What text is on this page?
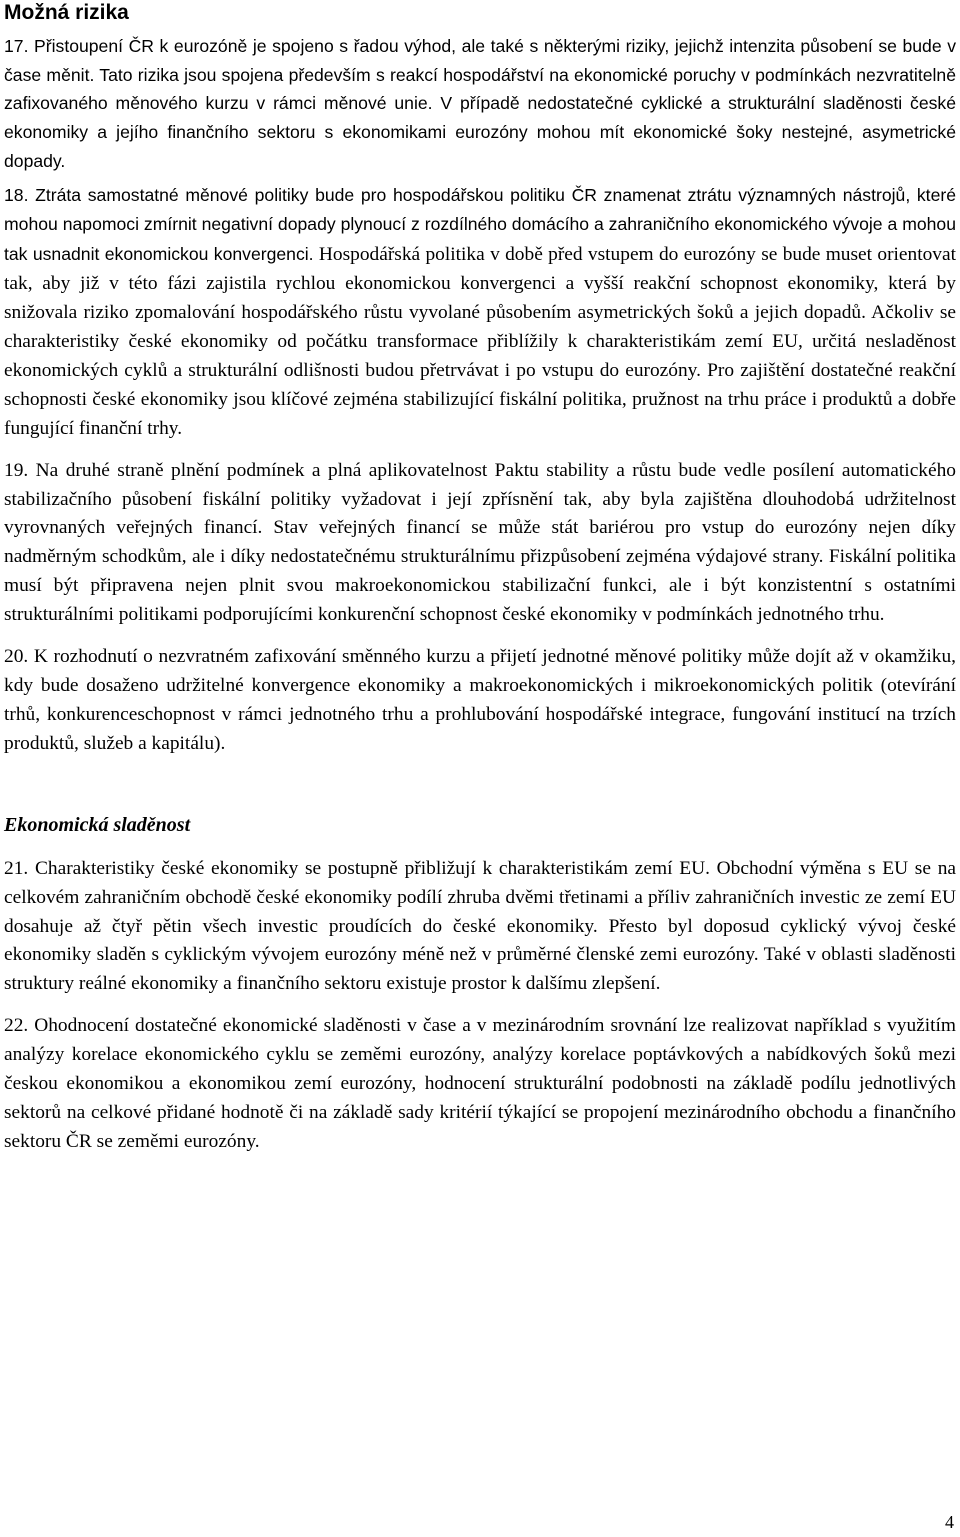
Možná rizika

17. Přistoupení ČR k eurozóně je spojeno s řadou výhod, ale také s některými riziky, jejichž intenzita působení se bude v čase měnit. Tato rizika jsou spojena především s reakcí hospodářství na ekonomické poruchy v podmínkách nezvratitelně zafixovaného měnového kurzu v rámci měnové unie. V případě nedostatečné cyklické a strukturální sladěnosti české ekonomiky a jejího finančního sektoru s ekonomikami eurozóny mohou mít ekonomické šoky nestejné, asymetrické dopady.

18. Ztráta samostatné měnové politiky bude pro hospodářskou politiku ČR znamenat ztrátu významných nástrojů, které mohou napomoci zmírnit negativní dopady plynoucí z rozdílného domácího a zahraničního ekonomického vývoje a mohou tak usnadnit ekonomickou konvergenci. Hospodářská politika v době před vstupem do eurozóny se bude muset orientovat tak, aby již v této fázi zajistila rychlou ekonomickou konvergenci a vyšší reakční schopnost ekonomiky, která by snižovala riziko zpomalování hospodářského růstu vyvolané působením asymetrických šoků a jejich dopadů. Ačkoliv se charakteristiky české ekonomiky od počátku transformace přiblížily k charakteristikám zemí EU, určitá nesladěnost ekonomických cyklů a strukturální odlišnosti budou přetrvávat i po vstupu do eurozóny. Pro zajištění dostatečné reakční schopnosti české ekonomiky jsou klíčové zejména stabilizující fiskální politika, pružnost na trhu práce i produktů a dobře fungující finanční trhy.

19. Na druhé straně plnění podmínek a plná aplikovatelnost Paktu stability a růstu bude vedle posílení automatického stabilizačního působení fiskální politiky vyžadovat i její zpřísnění tak, aby byla zajištěna dlouhodobá udržitelnost vyrovnaných veřejných financí. Stav veřejných financí se může stát bariérou pro vstup do eurozóny nejen díky nadměrným schodkům, ale i díky nedostatečnému strukturálnímu přizpůsobení zejména výdajové strany. Fiskální politika musí být připravena nejen plnit svou makroekonomickou stabilizační funkci, ale i být konzistentní s ostatními strukturálními politikami podporujícími konkurenční schopnost české ekonomiky v podmínkách jednotného trhu.

20. K rozhodnutí o nezvratném zafixování směnného kurzu a přijetí jednotné měnové politiky může dojít až v okamžiku, kdy bude dosaženo udržitelné konvergence ekonomiky a makroekonomických i mikroekonomických politik (otevírání trhů, konkurenceschopnost v rámci jednotného trhu a prohlubování hospodářské integrace, fungování institucí na trzích produktů, služeb a kapitálu).

Ekonomická sladěnost

21. Charakteristiky české ekonomiky se postupně přibližují k charakteristikám zemí EU. Obchodní výměna s EU se na celkovém zahraničním obchodě české ekonomiky podílí zhruba dvěmi třetinami a příliv zahraničních investic ze zemí EU dosahuje až čtyř pětin všech investic proudících do české ekonomiky. Přesto byl doposud cyklický vývoj české ekonomiky sladěn s cyklickým vývojem eurozóny méně než v průměrné členské zemi eurozóny. Také v oblasti sladěnosti struktury reálné ekonomiky a finančního sektoru existuje prostor k dalšímu zlepšení.

22. Ohodnocení dostatečné ekonomické sladěnosti v čase a v mezinárodním srovnání lze realizovat například s využitím analýzy korelace ekonomického cyklu se zeměmi eurozóny, analýzy korelace poptávkových a nabídkových šoků mezi českou ekonomikou a ekonomikou zemí eurozóny, hodnocení strukturální podobnosti na základě podílu jednotlivých sektorů na celkové přidané hodnotě či na základě sady kritérií týkající se propojení mezinárodního obchodu a finančního sektoru ČR se zeměmi eurozóny.

4
